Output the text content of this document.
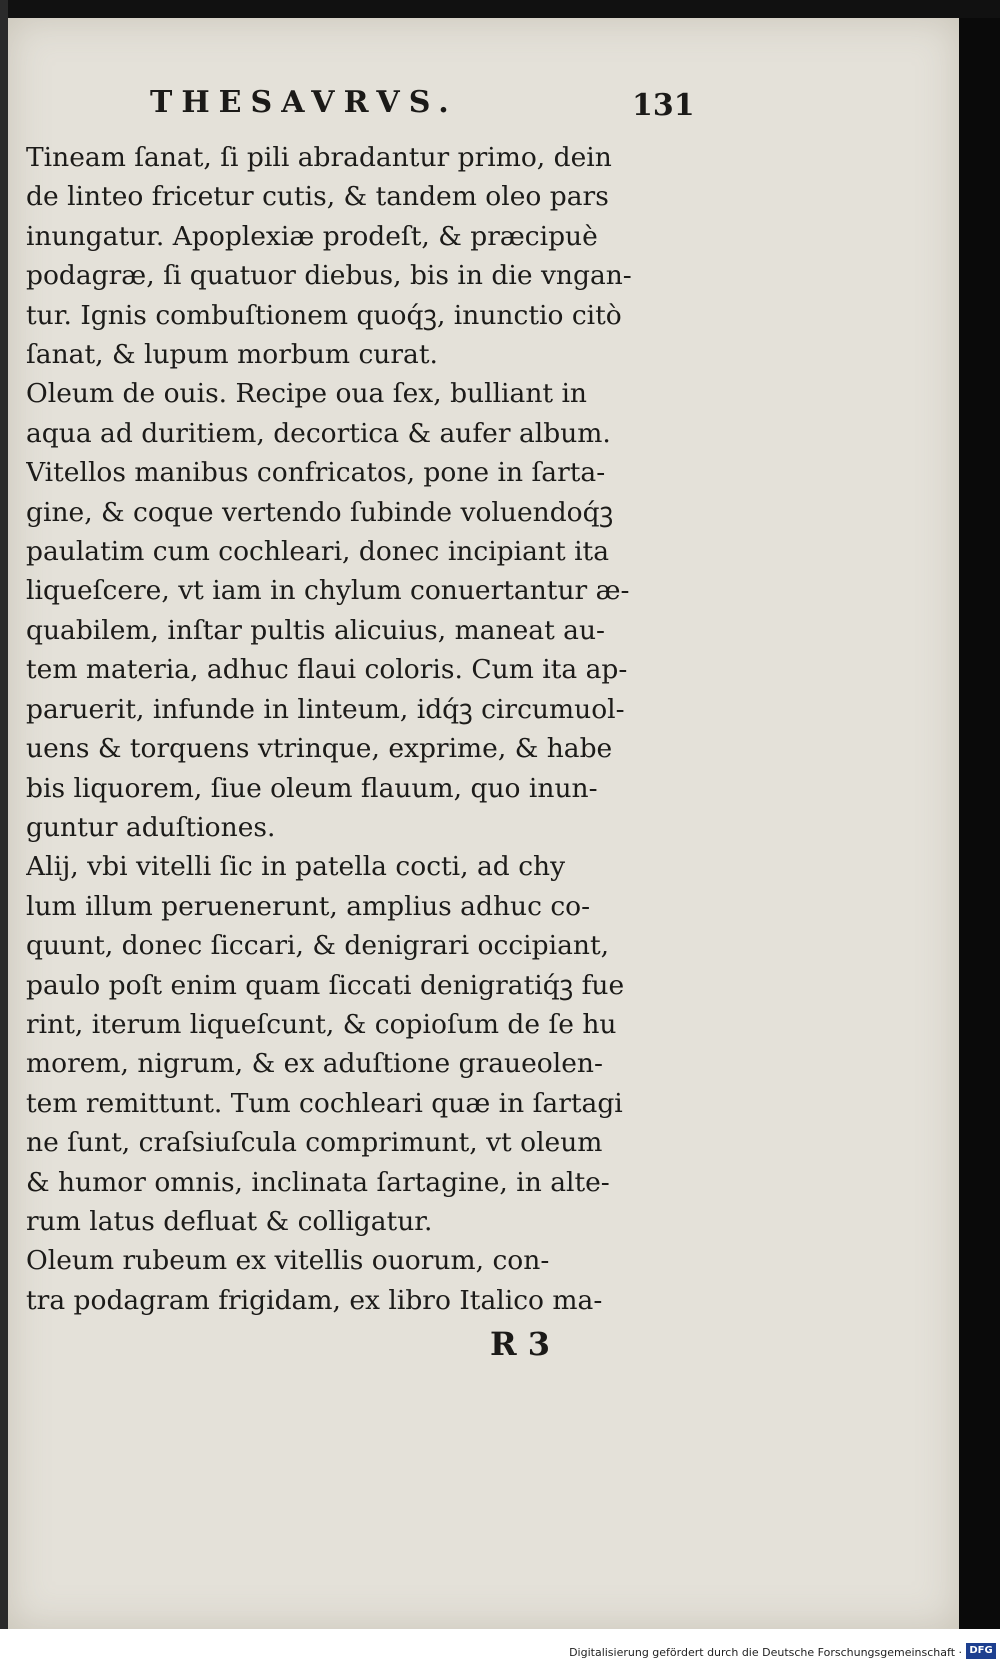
THESAVRVS.	131
Tineam ſanat, ſi pili abradantur primo, dein
de linteo fricetur cutis, & tandem oleo pars
inungatur. Apoplexiæ prodeſt, & præcipuè
podagræ, ſi quatuor diebus, bis in die vngan-
tur. Ignis combuſtionem quoq́ꝫ, inunctio citò
ſanat, & lupum morbum curat.
Oleum de ouis. Recipe oua ſex, bulliant in
aqua ad duritiem, decortica & aufer album.
Vitellos manibus confricatos, pone in ſarta-
gine, & coque vertendo ſubinde voluendoq́ꝫ
paulatim cum cochleari, donec incipiant ita
liqueſcere, vt iam in chylum conuertantur æ-
quabilem, inſtar pultis alicuius, maneat au-
tem materia, adhuc flaui coloris. Cum ita ap-
paruerit, infunde in linteum, idq́ꝫ circumuol-
uens & torquens vtrinque, exprime, & habe
bis liquorem, ſiue oleum flauum, quo inun-
guntur aduſtiones.
Alij, vbi vitelli ſic in patella cocti, ad chy
lum illum peruenerunt, amplius adhuc co-
quunt, donec ſiccari, & denigrari occipiant,
paulo poſt enim quam ſiccati denigratiq́ꝫ fue
rint, iterum liqueſcunt, & copioſum de ſe hu
morem, nigrum, & ex aduſtione graueolen-
tem remittunt. Tum cochleari quæ in ſartagi
ne ſunt, craſsiuſcula comprimunt, vt oleum
& humor omnis, inclinata ſartagine, in alte-
rum latus defluat & colligatur.
Oleum rubeum ex vitellis ouorum, con-
tra podagram frigidam, ex libro Italico ma-
R 3
Digitalisierung gefördert durch die Deutsche Forschungsgemeinschaft · DFG
